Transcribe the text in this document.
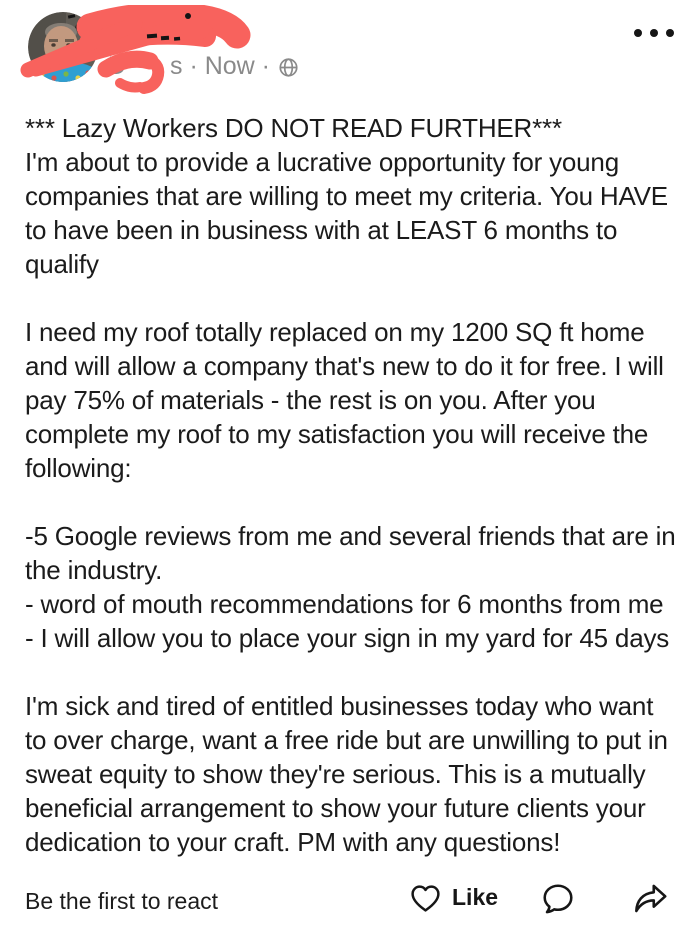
D s · Now ·
*** Lazy Workers DO NOT READ FURTHER***
I'm about to provide a lucrative opportunity for young
companies that are willing to meet my criteria. You HAVE
to have been in business with at LEAST 6 months to
qualify
I need my roof totally replaced on my 1200 SQ ft home
and will allow a company that's new to do it for free. I will
pay 75% of materials - the rest is on you. After you
complete my roof to my satisfaction you will receive the
following:
-5 Google reviews from me and several friends that are in
the industry.
- word of mouth recommendations for 6 months from me
- I will allow you to place your sign in my yard for 45 days
I'm sick and tired of entitled businesses today who want
to over charge, want a free ride but are unwilling to put in
sweat equity to show they're serious. This is a mutually
beneficial arrangement to show your future clients your
dedication to your craft. PM with any questions!
Be the first to react	Like
